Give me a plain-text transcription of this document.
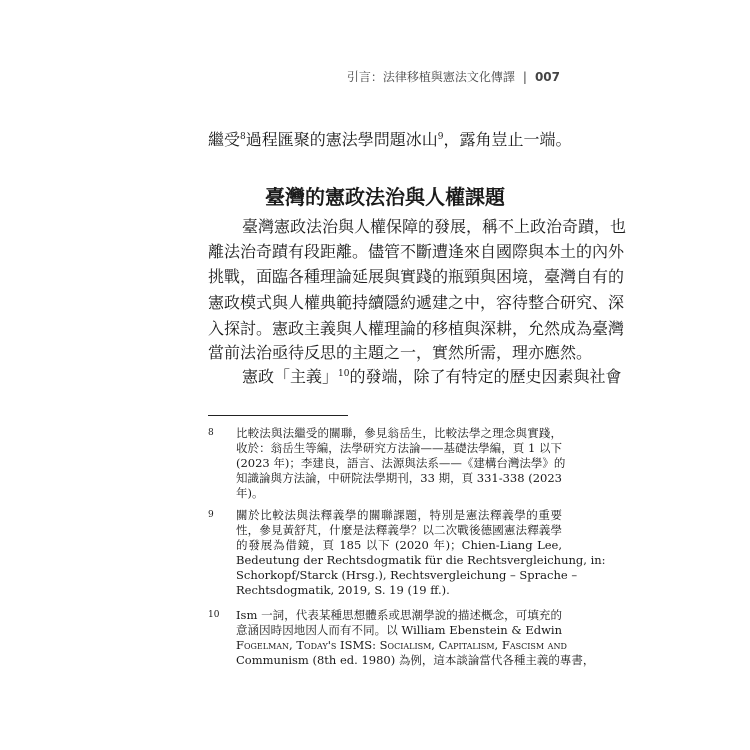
引言：法律移植與憲法文化傳譯 | 007
繼受$^8$過程匯聚的憲法學問題冰山$^9$，露角豈止一端。
臺灣的憲政法治與人權課題
臺灣憲政法治與人權保障的發展，稱不上政治奇蹟，也
離法治奇蹟有段距離。儘管不斷遭逢來自國際與本土的內外
挑戰，面臨各種理論延展與實踐的瓶頸與困境，臺灣自有的
憲政模式與人權典範持續隱約遞建之中，容待整合研究、深
入探討。憲政主義與人權理論的移植與深耕，允然成為臺灣
當前法治亟待反思的主題之一，實然所需，理亦應然。
憲政「主義」$^{10}$的發端，除了有特定的歷史因素與社會
8 比較法與法繼受的關聯，參見翁岳生，比較法學之理念與實踐，
收於：翁岳生等編，法學研究方法論——基礎法學編，頁 1 以下
(2023 年)；李建良，語言、法源與法系——《建構台灣法學》的
知識論與方法論，中研院法學期刊，33 期，頁 331-338 (2023
年)。
9 關於比較法與法釋義學的關聯課題，特別是憲法釋義學的重要
性，參見黃舒芃，什麼是法釋義學？以二次戰後德國憲法釋義學
的發展為借鏡，頁 185 以下 (2020 年)；Chien-Liang Lee,
Bedeutung der Rechtsdogmatik für die Rechtsvergleichung, in:
Schorkopf/Starck (Hrsg.), Rechtsvergleichung – Sprache –
Rechtsdogmatik, 2019, S. 19 (19 ff.).
10 Ism 一詞，代表某種思想體系或思潮學說的描述概念，可填充的
意涵因時因地因人而有不同。以 William Ebenstein & Edwin
Fogelman, Today's ISMS: Socialism, Capitalism, Fascism and
Communism (8th ed. 1980) 為例，這本談論當代各種主義的專書，
